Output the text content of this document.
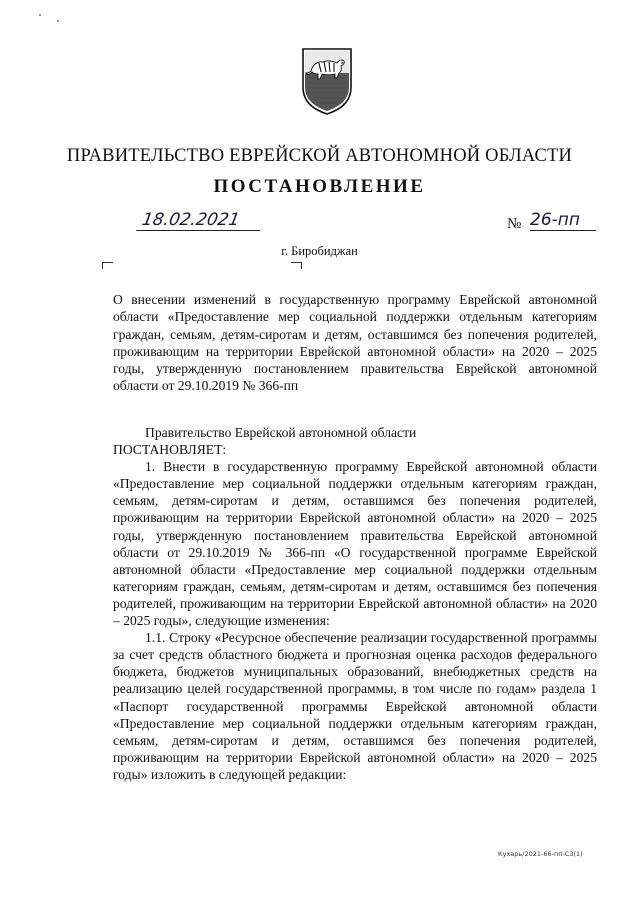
ПРАВИТЕЛЬСТВО ЕВРЕЙСКОЙ АВТОНОМНОЙ ОБЛАСТИ
ПОСТАНОВЛЕНИЕ
18.02.2021	№ 26-пп
г. Биробиджан
О внесении изменений в государственную программу Еврейской автономной области «Предоставление мер социальной поддержки отдельным категориям граждан, семьям, детям-сиротам и детям, оставшимся без попечения родителей, проживающим на территории Еврейской автономной области» на 2020 – 2025 годы, утвержденную постановлением правительства Еврейской автономной области от 29.10.2019 № 366-пп

Правительство Еврейской автономной области

ПОСТАНОВЛЯЕТ:

1. Внести в государственную программу Еврейской автономной области «Предоставление мер социальной поддержки отдельным категориям граждан, семьям, детям-сиротам и детям, оставшимся без попечения родителей, проживающим на территории Еврейской автономной области» на 2020 – 2025 годы, утвержденную постановлением правительства Еврейской автономной области от 29.10.2019 № 366-пп «О государственной программе Еврейской автономной области «Предоставление мер социальной поддержки отдельным категориям граждан, семьям, детям-сиротам и детям, оставшимся без попечения родителей, проживающим на территории Еврейской автономной области» на 2020 – 2025 годы», следующие изменения:

1.1. Строку «Ресурсное обеспечение реализации государственной программы за счет средств областного бюджета и прогнозная оценка расходов федерального бюджета, бюджетов муниципальных образований, внебюджетных средств на реализацию целей государственной программы, в том числе по годам» раздела 1 «Паспорт государственной программы Еврейской автономной области «Предоставление мер социальной поддержки отдельным категориям граждан, семьям, детям-сиротам и детям, оставшимся без попечения родителей, проживающим на территории Еврейской автономной области» на 2020 – 2025 годы» изложить в следующей редакции:

Кухарь/2021-66-пп-СЗ(1)
